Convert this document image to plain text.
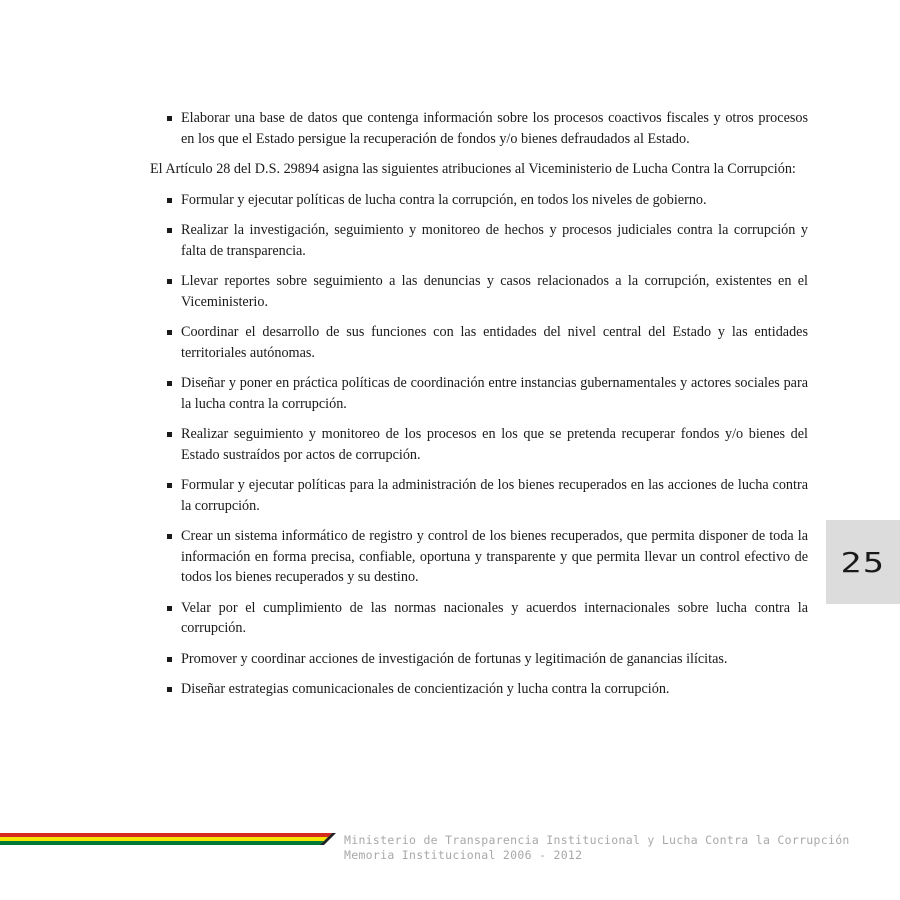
Elaborar una base de datos que contenga información sobre los procesos coactivos fiscales y otros procesos en los que el Estado persigue la recuperación de fondos y/o bienes defraudados al Estado.

El Artículo 28 del D.S. 29894 asigna las siguientes atribuciones al Viceministerio de Lucha Contra la Corrupción:

Formular y ejecutar políticas de lucha contra la corrupción, en todos los niveles de gobierno.
Realizar la investigación, seguimiento y monitoreo de hechos y procesos judiciales contra la corrupción y falta de transparencia.
Llevar reportes sobre seguimiento a las denuncias y casos relacionados a la corrupción, existentes en el Viceministerio.
Coordinar el desarrollo de sus funciones con las entidades del nivel central del Estado y las entidades territoriales autónomas.
Diseñar y poner en práctica políticas de coordinación entre instancias gubernamentales y actores sociales para la lucha contra la corrupción.
Realizar seguimiento y monitoreo de los procesos en los que se pretenda recuperar fondos y/o bienes del Estado sustraídos por actos de corrupción.
Formular y ejecutar políticas para la administración de los bienes recuperados en las acciones de lucha contra la corrupción.
Crear un sistema informático de registro y control de los bienes recuperados, que permita disponer de toda la información en forma precisa, confiable, oportuna y transparente y que permita llevar un control efectivo de todos los bienes recuperados y su destino.
Velar por el cumplimiento de las normas nacionales y acuerdos internacionales sobre lucha contra la corrupción.
Promover y coordinar acciones de investigación de fortunas y legitimación de ganancias ilícitas.
Diseñar estrategias comunicacionales de concientización y lucha contra la corrupción.
25
Ministerio de Transparencia Institucional y Lucha Contra la Corrupción
Memoria Institucional 2006 - 2012
